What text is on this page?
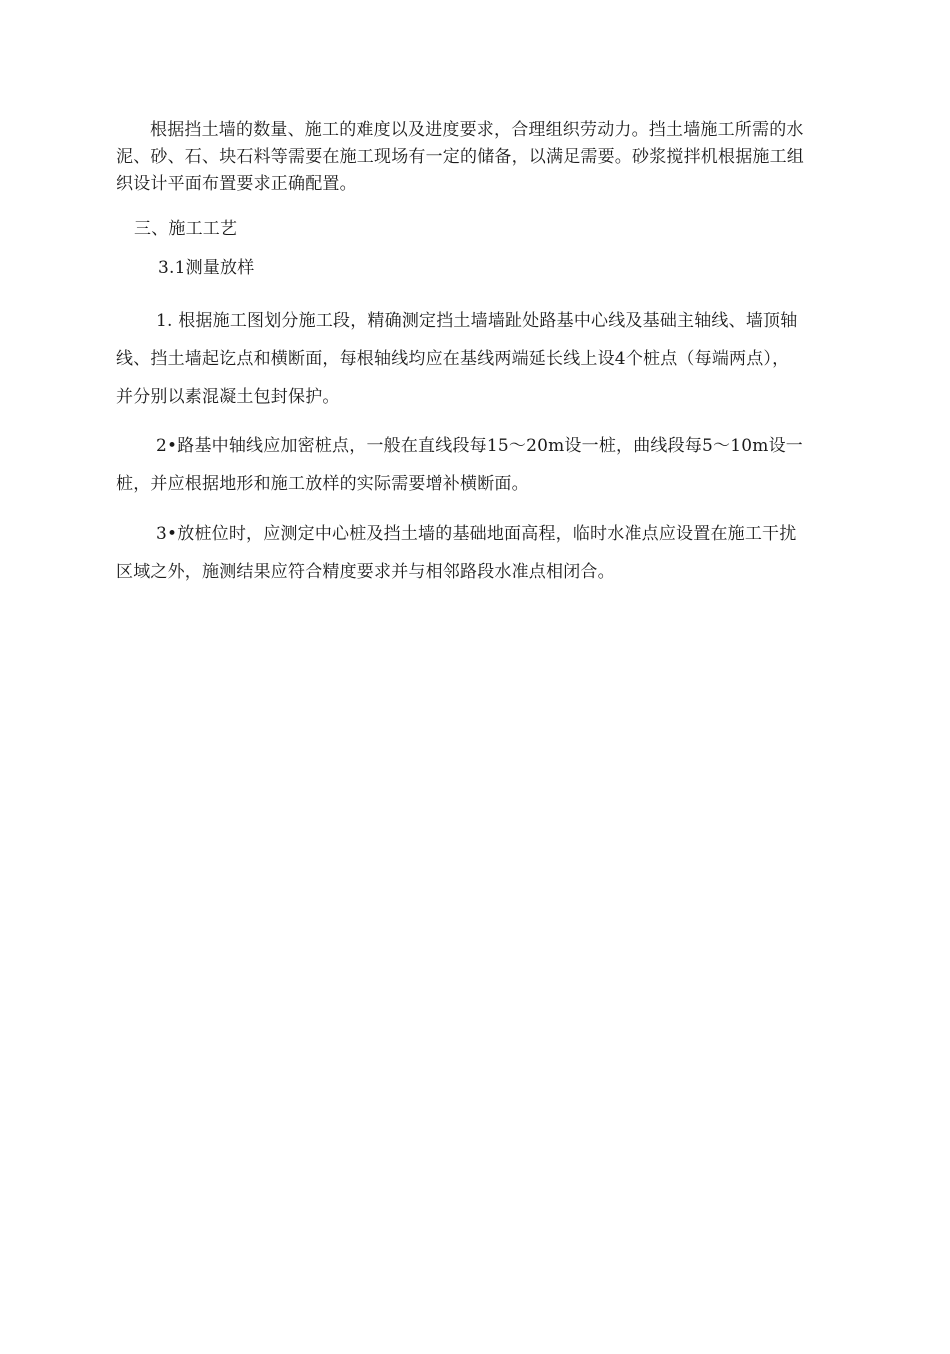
根据挡土墙的数量、施工的难度以及进度要求，合理组织劳动力。挡土墙施工所需的水泥、砂、石、块石料等需要在施工现场有一定的储备，以满足需要。砂浆搅拌机根据施工组织设计平面布置要求正确配置。

三、施工工艺

3.1测量放样

1. 根据施工图划分施工段，精确测定挡土墙墙趾处路基中心线及基础主轴线、墙顶轴线、挡土墙起讫点和横断面，每根轴线均应在基线两端延长线上设4个桩点（每端两点），并分别以素混凝土包封保护。

2•路基中轴线应加密桩点，一般在直线段每15〜20m设一桩，曲线段每5〜10m设一桩，并应根据地形和施工放样的实际需要增补横断面。

3•放桩位时，应测定中心桩及挡土墙的基础地面高程，临时水准点应设置在施工干扰区域之外，施测结果应符合精度要求并与相邻路段水准点相闭合。
